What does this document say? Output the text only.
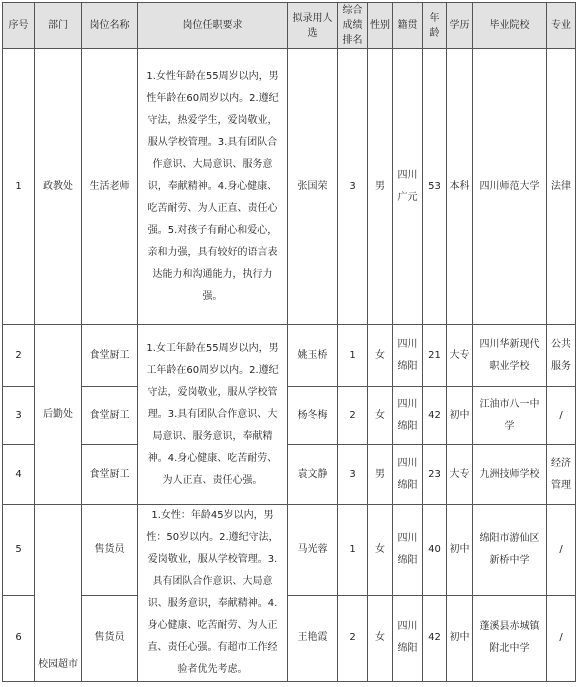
序号	部门	岗位名称	岗位任职要求	拟录用人选	综合成绩排名	性别	籍贯	年龄	学历	毕业院校	专业
1	政教处	生活老师	1.女性年龄在55周岁以内，男性年龄在60周岁以内。2.遵纪守法，热爱学生，爱岗敬业，服从学校管理。3.具有团队合作意识、大局意识、服务意识，奉献精神。4.身心健康、吃苦耐劳、为人正直、责任心强。5.对孩子有耐心和爱心，亲和力强，具有较好的语言表达能力和沟通能力，执行力强。	张国荣	3	男	四川广元	53	本科	四川师范大学	法律
2	后勤处	食堂厨工	1.女工年龄在55周岁以内，男工年龄在60周岁以内。2.遵纪守法，爱岗敬业，服从学校管理。3.具有团队合作意识、大局意识、服务意识，奉献精神。4.身心健康、吃苦耐劳、为人正直、责任心强。	姚玉桥	1	女	四川绵阳	21	大专	四川华新现代职业学校	公共服务
3		食堂厨工		杨冬梅	2	女	四川绵阳	42	初中	江油市八一中学	/
4		食堂厨工		袁文静	3	男	四川绵阳	23	大专	九洲技师学校	经济管理
5	校园超市	售货员	1.女性：年龄45岁以内，男性：50岁以内。2.遵纪守法，爱岗敬业，服从学校管理。3.具有团队合作意识、大局意识、服务意识，奉献精神。4.身心健康、吃苦耐劳、为人正直、责任心强。有超市工作经验者优先考虑。	马光蓉	1	女	四川绵阳	40	初中	绵阳市游仙区新桥中学	/
6		售货员		王艳霞	2	女	四川绵阳	42	初中	蓬溪县赤城镇附北中学	/
